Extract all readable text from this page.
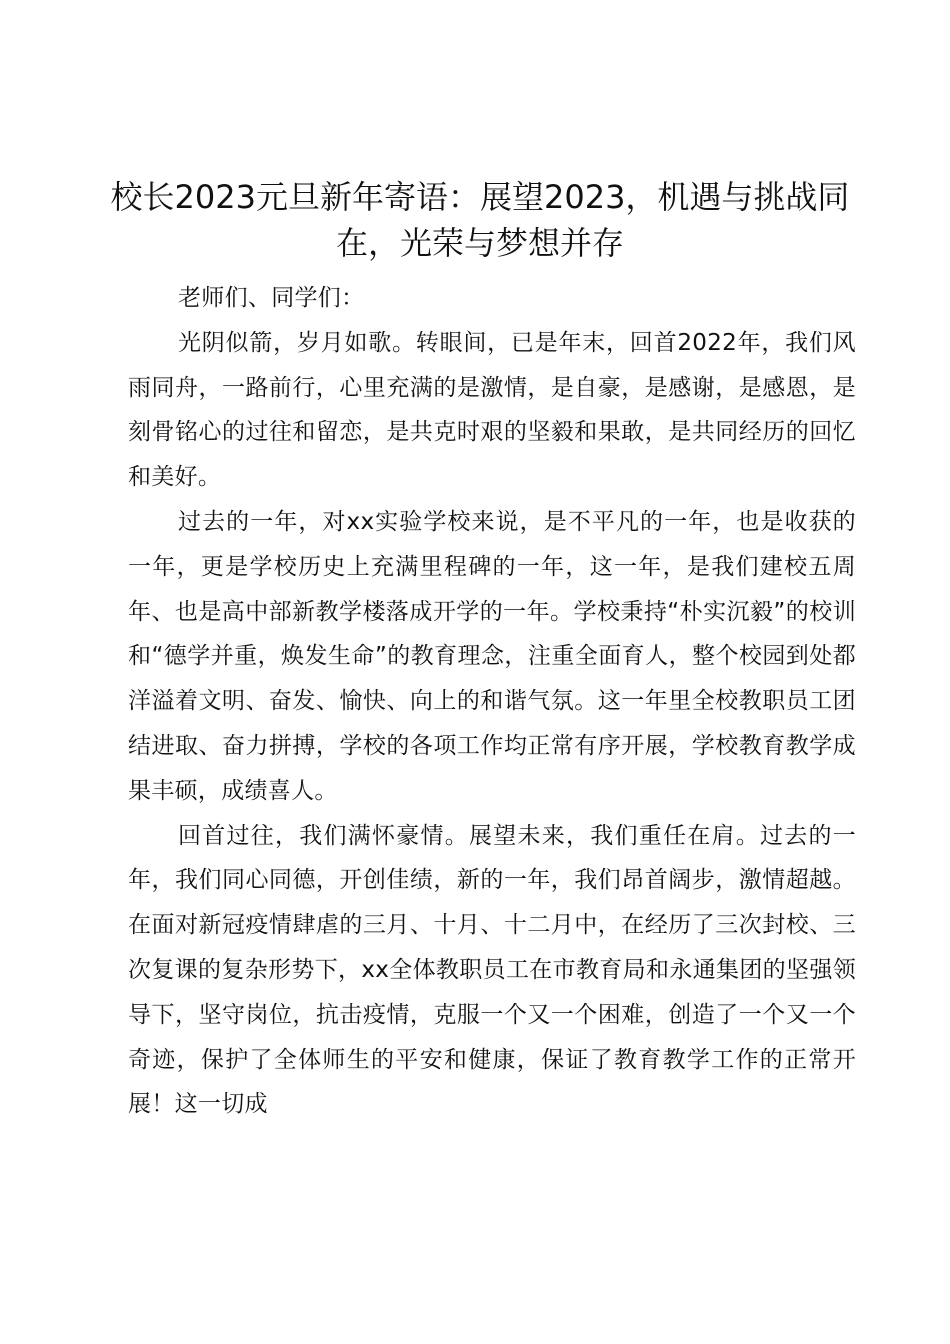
校长2023元旦新年寄语：展望2023，机遇与挑战同在，光荣与梦想并存

老师们、同学们：

光阴似箭，岁月如歌。转眼间，已是年末，回首2022年，我们风雨同舟，一路前行，心里充满的是激情，是自豪，是感谢，是感恩，是刻骨铭心的过往和留恋，是共克时艰的坚毅和果敢，是共同经历的回忆和美好。

过去的一年，对xx实验学校来说，是不平凡的一年，也是收获的一年，更是学校历史上充满里程碑的一年，这一年，是我们建校五周年、也是高中部新教学楼落成开学的一年。学校秉持“朴实沉毅”的校训和“德学并重，焕发生命”的教育理念，注重全面育人，整个校园到处都洋溢着文明、奋发、愉快、向上的和谐气氛。这一年里全校教职员工团结进取、奋力拼搏，学校的各项工作均正常有序开展，学校教育教学成果丰硕，成绩喜人。

回首过往，我们满怀豪情。展望未来，我们重任在肩。过去的一年，我们同心同德，开创佳绩，新的一年，我们昂首阔步，激情超越。在面对新冠疫情肆虐的三月、十月、十二月中，在经历了三次封校、三次复课的复杂形势下，xx全体教职员工在市教育局和永通集团的坚强领导下，坚守岗位，抗击疫情，克服一个又一个困难，创造了一个又一个奇迹，保护了全体师生的平安和健康，保证了教育教学工作的正常开展！这一切成
